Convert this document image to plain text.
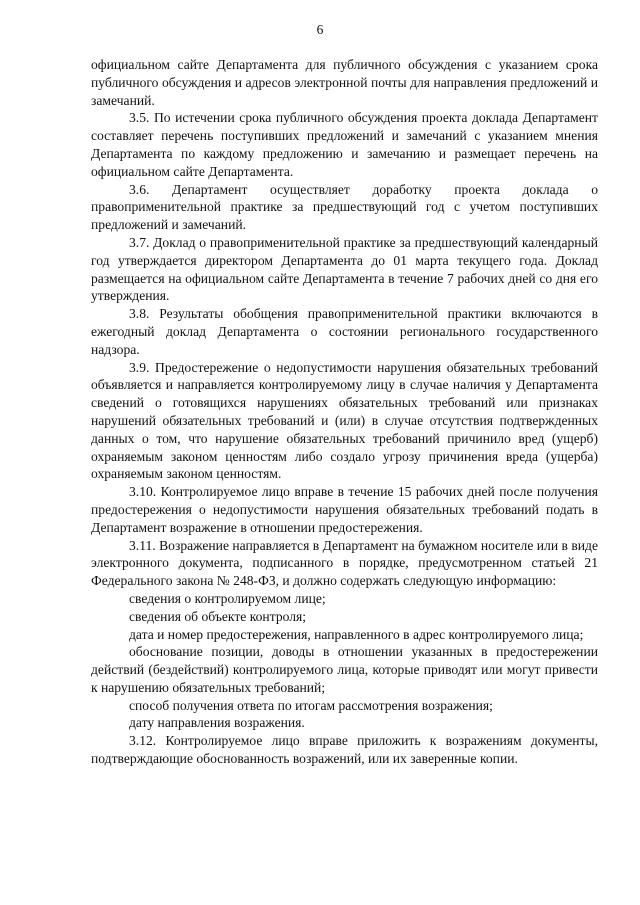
6

официальном сайте Департамента для публичного обсуждения с указанием срока публичного обсуждения и адресов электронной почты для направления предложений и замечаний.

3.5. По истечении срока публичного обсуждения проекта доклада Департамент составляет перечень поступивших предложений и замечаний с указанием мнения Департамента по каждому предложению и замечанию и размещает перечень на официальном сайте Департамента.

3.6. Департамент осуществляет доработку проекта доклада о правоприменительной практике за предшествующий год с учетом поступивших предложений и замечаний.

3.7. Доклад о правоприменительной практике за предшествующий календарный год утверждается директором Департамента до 01 марта текущего года. Доклад размещается на официальном сайте Департамента в течение 7 рабочих дней со дня его утверждения.

3.8. Результаты обобщения правоприменительной практики включаются в ежегодный доклад Департамента о состоянии регионального государственного надзора.

3.9. Предостережение о недопустимости нарушения обязательных требований объявляется и направляется контролируемому лицу в случае наличия у Департамента сведений о готовящихся нарушениях обязательных требований или признаках нарушений обязательных требований и (или) в случае отсутствия подтвержденных данных о том, что нарушение обязательных требований причинило вред (ущерб) охраняемым законом ценностям либо создало угрозу причинения вреда (ущерба) охраняемым законом ценностям.

3.10. Контролируемое лицо вправе в течение 15 рабочих дней после получения предостережения о недопустимости нарушения обязательных требований подать в Департамент возражение в отношении предостережения.

3.11. Возражение направляется в Департамент на бумажном носителе или в виде электронного документа, подписанного в порядке, предусмотренном статьей 21 Федерального закона № 248-ФЗ, и должно содержать следующую информацию:

сведения о контролируемом лице;

сведения об объекте контроля;

дата и номер предостережения, направленного в адрес контролируемого лица;

обоснование позиции, доводы в отношении указанных в предостережении действий (бездействий) контролируемого лица, которые приводят или могут привести к нарушению обязательных требований;

способ получения ответа по итогам рассмотрения возражения;

дату направления возражения.

3.12. Контролируемое лицо вправе приложить к возражениям документы, подтверждающие обоснованность возражений, или их заверенные копии.
